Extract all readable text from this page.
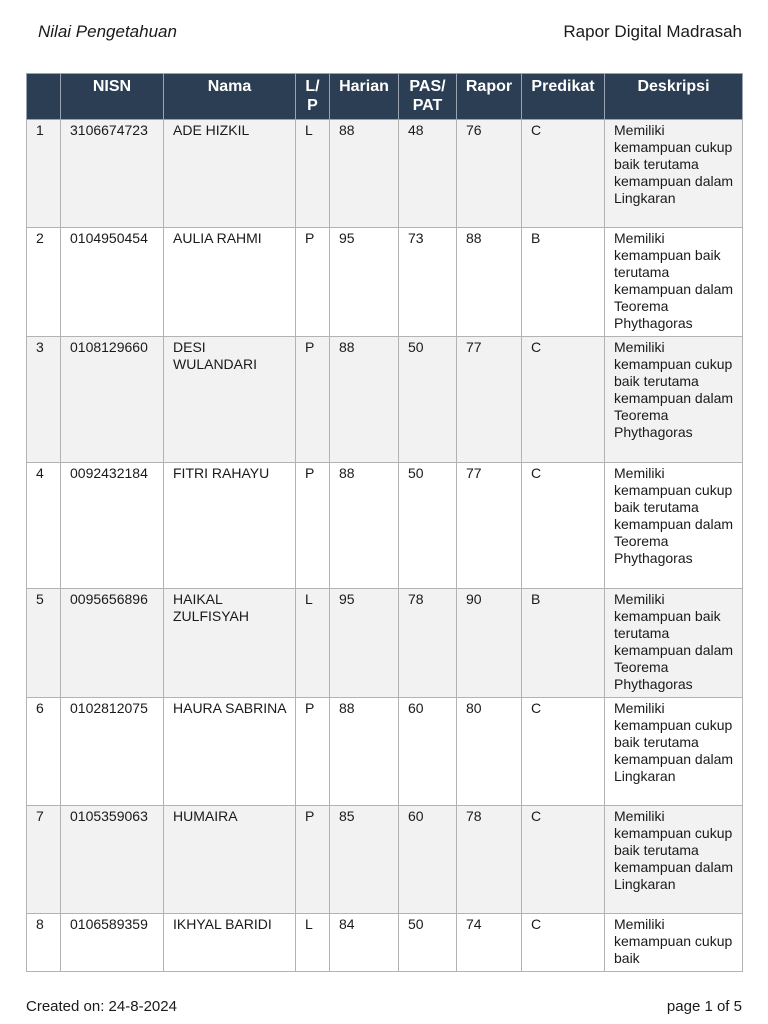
Nilai Pengetahuan	Rapor Digital Madrasah
	NISN	Nama	L/ P	Harian	PAS/ PAT	Rapor	Predikat	Deskripsi
1	3106674723	ADE HIZKIL	L	88	48	76	C	Memiliki kemampuan cukup baik terutama kemampuan dalam Lingkaran
2	0104950454	AULIA RAHMI	P	95	73	88	B	Memiliki kemampuan baik terutama kemampuan dalam Teorema Phythagoras
3	0108129660	DESI WULANDARI	P	88	50	77	C	Memiliki kemampuan cukup baik terutama kemampuan dalam Teorema Phythagoras
4	0092432184	FITRI RAHAYU	P	88	50	77	C	Memiliki kemampuan cukup baik terutama kemampuan dalam Teorema Phythagoras
5	0095656896	HAIKAL ZULFISYAH	L	95	78	90	B	Memiliki kemampuan baik terutama kemampuan dalam Teorema Phythagoras
6	0102812075	HAURA SABRINA	P	88	60	80	C	Memiliki kemampuan cukup baik terutama kemampuan dalam Lingkaran
7	0105359063	HUMAIRA	P	85	60	78	C	Memiliki kemampuan cukup baik terutama kemampuan dalam Lingkaran
8	0106589359	IKHYAL BARIDI	L	84	50	74	C	Memiliki kemampuan cukup baik
Created on: 24-8-2024	page 1 of 5
